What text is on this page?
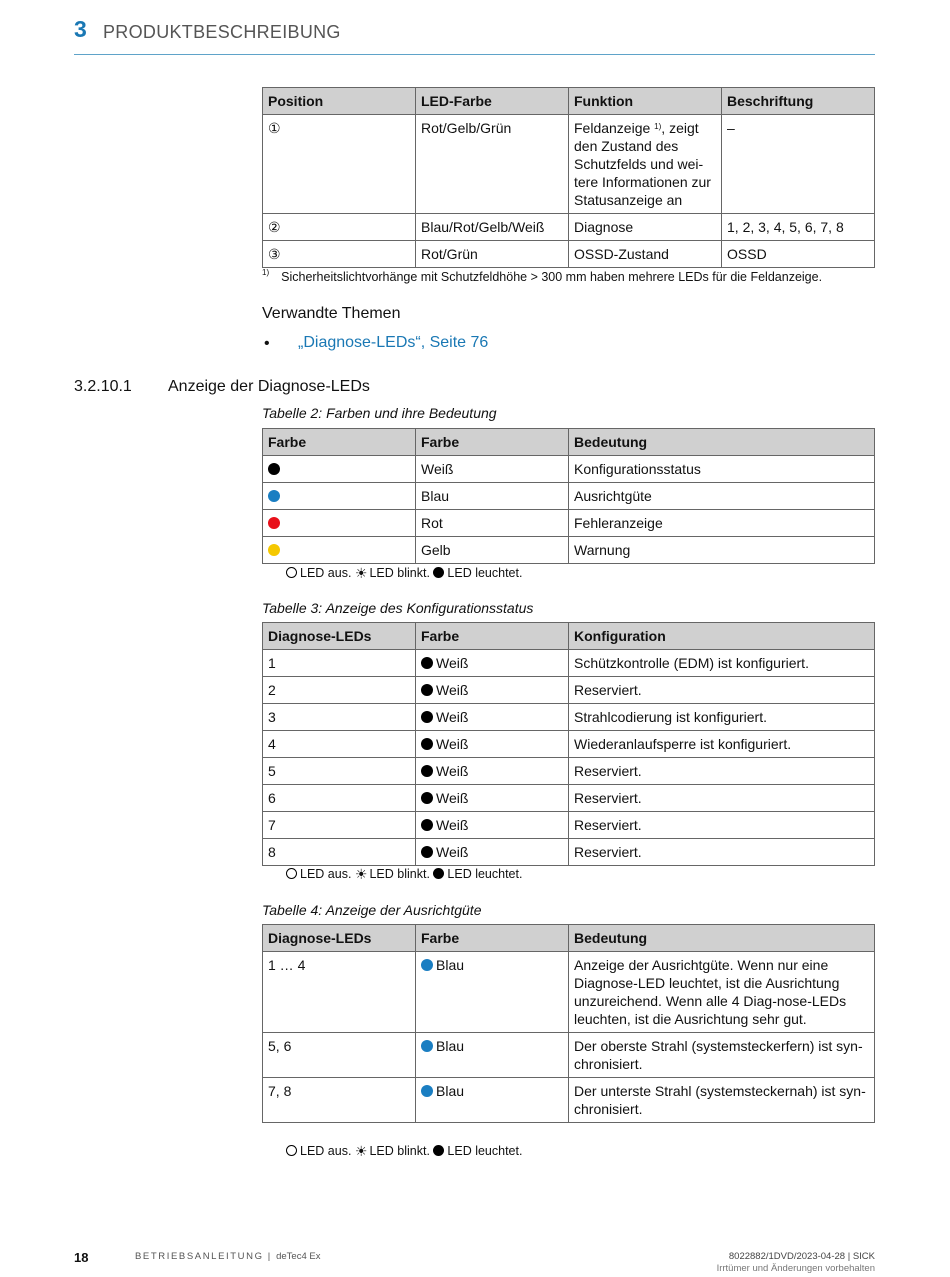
3 PRODUKTBESCHREIBUNG
Position	LED-Farbe	Funktion	Beschriftung
①	Rot/Gelb/Grün	Feldanzeige $^{1)}$, zeigt den Zustand des Schutzfelds und wei-tere Informationen zur Statusanzeige an	–
②	Blau/Rot/Gelb/Weiß	Diagnose	1, 2, 3, 4, 5, 6, 7, 8
③	Rot/Grün	OSSD-Zustand	OSSD
$^{1)}$ Sicherheitslichtvorhänge mit Schutzfeldhöhe > 300 mm haben mehrere LEDs für die Feldanzeige.
Verwandte Themen
• „Diagnose-LEDs“, Seite 76
3.2.10.1 Anzeige der Diagnose-LEDs
Tabelle 2: Farben und ihre Bedeutung
Farbe	Farbe	Bedeutung
	Weiß	Konfigurationsstatus
	Blau	Ausrichtgüte
	Rot	Fehleranzeige
	Gelb	Warnung
LED aus. ☀ LED blinkt. LED leuchtet.
Tabelle 3: Anzeige des Konfigurationsstatus
Diagnose-LEDs	Farbe	Konfiguration
1	Weiß	Schützkontrolle (EDM) ist konfiguriert.
2	Weiß	Reserviert.
3	Weiß	Strahlcodierung ist konfiguriert.
4	Weiß	Wiederanlaufsperre ist konfiguriert.
5	Weiß	Reserviert.
6	Weiß	Reserviert.
7	Weiß	Reserviert.
8	Weiß	Reserviert.
LED aus. ☀ LED blinkt. LED leuchtet.
Tabelle 4: Anzeige der Ausrichtgüte
Diagnose-LEDs	Farbe	Bedeutung
1 … 4	Blau	Anzeige der Ausrichtgüte. Wenn nur eine Diagnose-LED leuchtet, ist die Ausrichtung unzureichend. Wenn alle 4 Diag-nose-LEDs leuchten, ist die Ausrichtung sehr gut.
5, 6	Blau	Der oberste Strahl (systemsteckerfern) ist syn-chronisiert.
7, 8	Blau	Der unterste Strahl (systemsteckernah) ist syn-chronisiert.
LED aus. ☀ LED blinkt. LED leuchtet.
18	BETRIEBSANLEITUNG | deTec4 Ex	8022882/1DVD/2023-04-28 | SICK
Irrtümer und Änderungen vorbehalten
